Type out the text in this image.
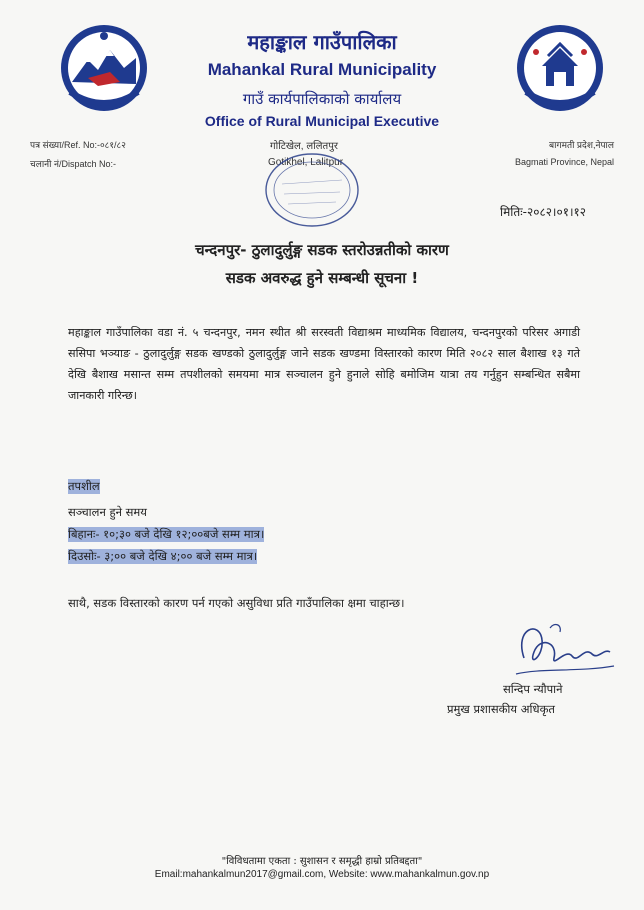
महाङ्काल गाउँपालिका
Mahankal Rural Municipality
गाउँ कार्यपालिकाको कार्यालय
Office of Rural Municipal Executive
पत्र संख्या/Ref. No:-०८१/८२
चलानी नं/Dispatch No:-
गोटिखेल, ललितपुर
Gotikhel, Lalitpur
बागमती प्रदेश,नेपाल
Bagmati Province, Nepal
मितिः-२०८२।०१।१२
चन्दनपुर- ठुलादुर्लुङ्ग सडक स्तरोउन्नतीको कारण
सडक अवरुद्ध हुने सम्बन्धी सूचना !
महाङ्काल गाउँपालिका वडा नं. ५ चन्दनपुर, नमन स्थीत श्री सरस्वती विद्याश्रम माध्यमिक विद्यालय, चन्दनपुरको परिसर अगाडी ससिपा भञ्याङ - ठुलादुर्लुङ्ग सडक खण्डको ठुलादुर्लुङ्ग जाने सडक खण्डमा विस्तारको कारण मिति २०८२ साल बैशाख १३ गते देखि बैशाख मसान्त सम्म तपशीलको समयमा मात्र सञ्चालन हुने हुनाले सोहि बमोजिम यात्रा तय गर्नुहुन सम्बन्धित सबैमा जानकारी गरिन्छ।
तपशील
सञ्चालन हुने समय
बिहानः- १०;३० बजे देखि १२;००बजे सम्म मात्र।
दिउसोः- ३;०० बजे देखि ४;०० बजे सम्म मात्र।
साथै, सडक विस्तारको कारण पर्न गएको असुविधा प्रति गाउँपालिका क्षमा चाहान्छ।
सन्दिप न्यौपाने
प्रमुख प्रशासकीय अधिकृत
"विविधतामा एकता : सुशासन र समृद्धी हाम्रो प्रतिबद्दता"
Email:mahankalmun2017@gmail.com, Website: www.mahankalmun.gov.np
